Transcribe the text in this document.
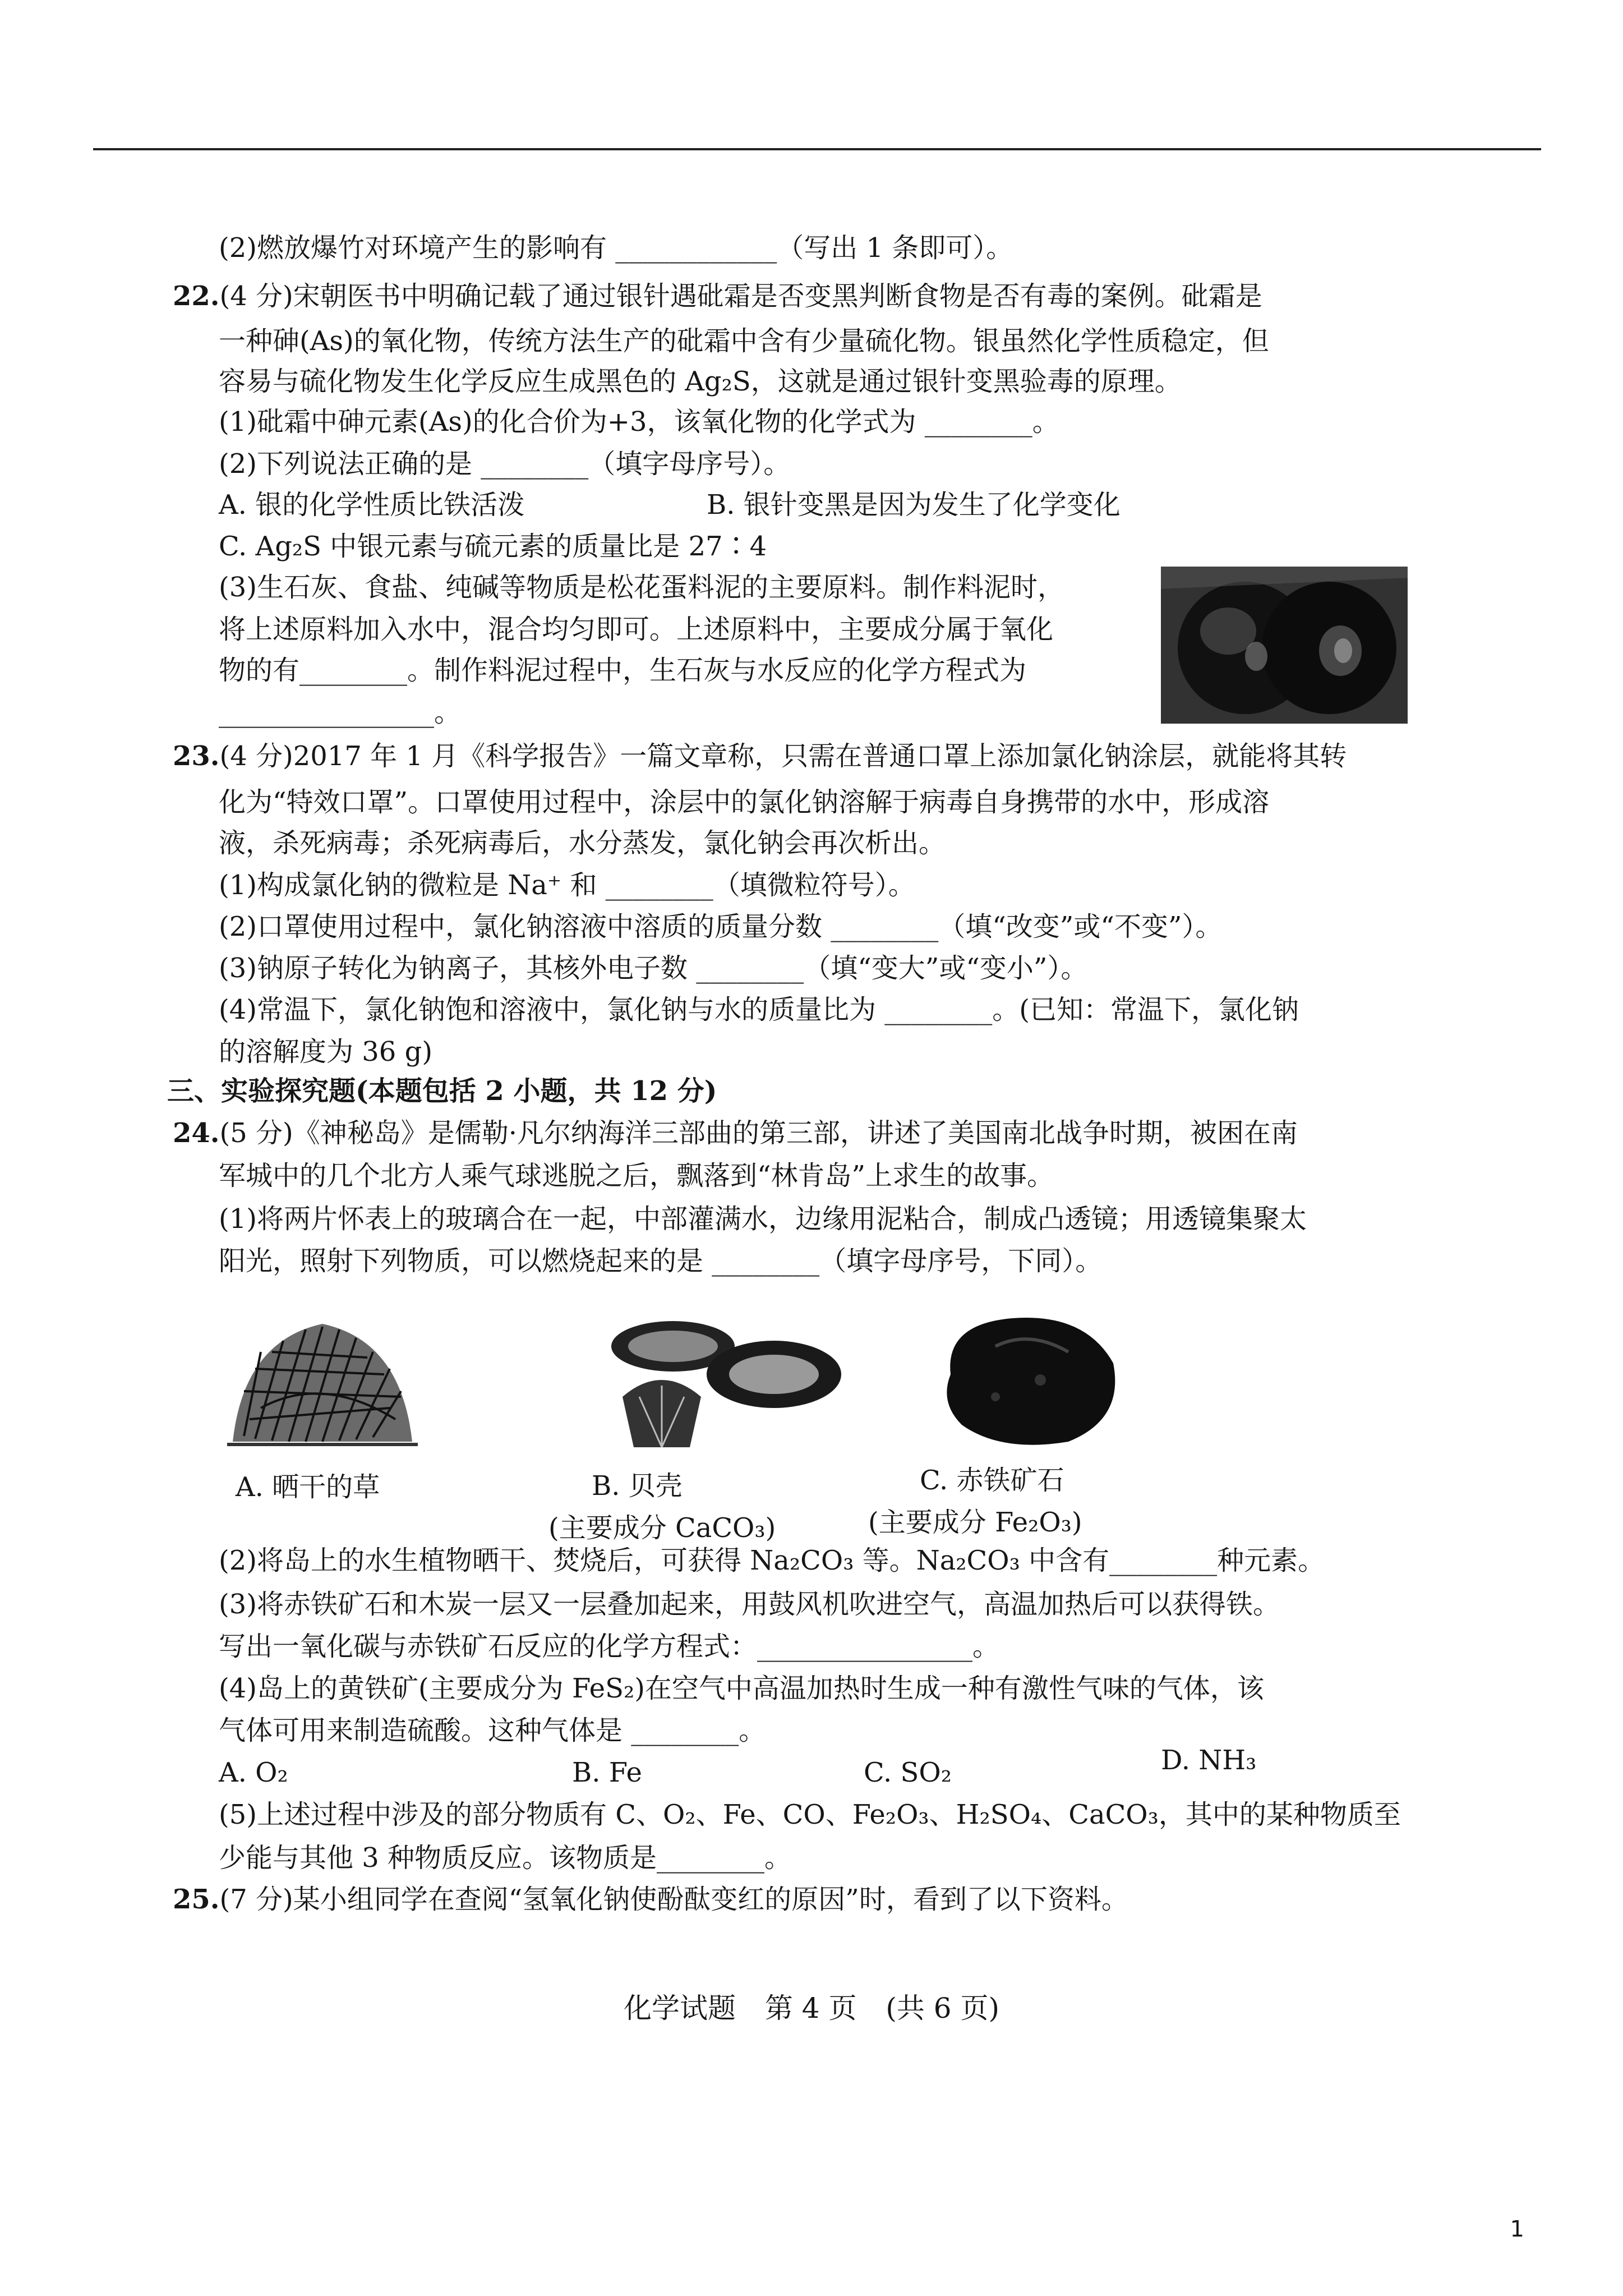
(2)燃放爆竹对环境产生的影响有 ____________（写出 1 条即可）。
22.(4 分)宋朝医书中明确记载了通过银针遇砒霜是否变黑判断食物是否有毒的案例。砒霜是
一种砷(As)的氧化物，传统方法生产的砒霜中含有少量硫化物。银虽然化学性质稳定，但
容易与硫化物发生化学反应生成黑色的 Ag₂S，这就是通过银针变黑验毒的原理。
(1)砒霜中砷元素(As)的化合价为+3，该氧化物的化学式为 ________。
(2)下列说法正确的是 ________（填字母序号）。
A. 银的化学性质比铁活泼	B. 银针变黑是因为发生了化学变化
C. Ag₂S 中银元素与硫元素的质量比是 27∶4
(3)生石灰、食盐、纯碱等物质是松花蛋料泥的主要原料。制作料泥时，
将上述原料加入水中，混合均匀即可。上述原料中，主要成分属于氧化
物的有________。制作料泥过程中，生石灰与水反应的化学方程式为
________________。
23.(4 分)2017 年 1 月《科学报告》一篇文章称，只需在普通口罩上添加氯化钠涂层，就能将其转
化为“特效口罩”。口罩使用过程中，涂层中的氯化钠溶解于病毒自身携带的水中，形成溶
液，杀死病毒；杀死病毒后，水分蒸发，氯化钠会再次析出。
(1)构成氯化钠的微粒是 Na⁺ 和 ________（填微粒符号）。
(2)口罩使用过程中，氯化钠溶液中溶质的质量分数 ________（填“改变”或“不变”）。
(3)钠原子转化为钠离子，其核外电子数 ________（填“变大”或“变小”）。
(4)常温下，氯化钠饱和溶液中，氯化钠与水的质量比为 ________。(已知：常温下，氯化钠
的溶解度为 36 g)
三、实验探究题(本题包括 2 小题，共 12 分)
24.(5 分)《神秘岛》是儒勒·凡尔纳海洋三部曲的第三部，讲述了美国南北战争时期，被困在南
军城中的几个北方人乘气球逃脱之后，飘落到“林肯岛”上求生的故事。
(1)将两片怀表上的玻璃合在一起，中部灌满水，边缘用泥粘合，制成凸透镜；用透镜集聚太
阳光，照射下列物质，可以燃烧起来的是 ________（填字母序号，下同）。
A. 晒干的草	B. 贝壳
(主要成分 CaCO₃)
C. 赤铁矿石
(主要成分 Fe₂O₃)
(2)将岛上的水生植物晒干、焚烧后，可获得 Na₂CO₃ 等。Na₂CO₃ 中含有________种元素。
(3)将赤铁矿石和木炭一层又一层叠加起来，用鼓风机吹进空气，高温加热后可以获得铁。
写出一氧化碳与赤铁矿石反应的化学方程式：________________。
(4)岛上的黄铁矿(主要成分为 FeS₂)在空气中高温加热时生成一种有激性气味的气体，该
气体可用来制造硫酸。这种气体是 ________。
A. O₂	B. Fe	C. SO₂	D. NH₃
(5)上述过程中涉及的部分物质有 C、O₂、Fe、CO、Fe₂O₃、H₂SO₄、CaCO₃，其中的某种物质至
少能与其他 3 种物质反应。该物质是________。
25.(7 分)某小组同学在查阅“氢氧化钠使酚酞变红的原因”时，看到了以下资料。
化学试题 第 4 页 (共 6 页)
1
